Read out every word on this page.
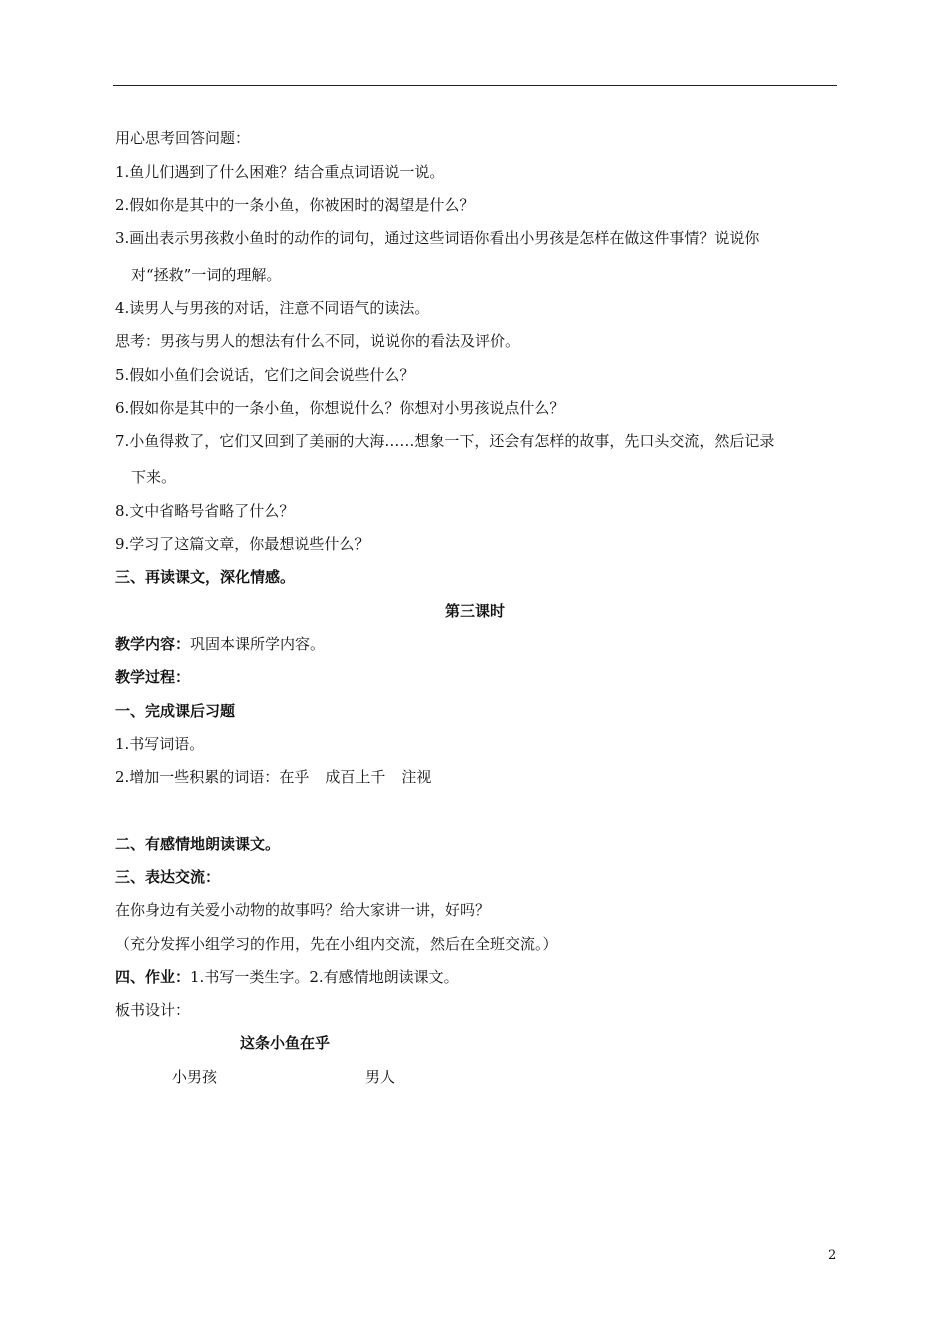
用心思考回答问题：
1.鱼儿们遇到了什么困难？结合重点词语说一说。
2.假如你是其中的一条小鱼，你被困时的渴望是什么？
3.画出表示男孩救小鱼时的动作的词句，通过这些词语你看出小男孩是怎样在做这件事情？说说你
对“拯救”一词的理解。
4.读男人与男孩的对话，注意不同语气的读法。
思考：男孩与男人的想法有什么不同，说说你的看法及评价。
5.假如小鱼们会说话，它们之间会说些什么？
6.假如你是其中的一条小鱼，你想说什么？你想对小男孩说点什么？
7.小鱼得救了，它们又回到了美丽的大海……想象一下，还会有怎样的故事，先口头交流，然后记录
下来。
8.文中省略号省略了什么？
9.学习了这篇文章，你最想说些什么？
三、再读课文，深化情感。
第三课时
教学内容：巩固本课所学内容。
教学过程：
一、完成课后习题
1.书写词语。
2.增加一些积累的词语：在乎 成百上千 注视
二、有感情地朗读课文。
三、表达交流：
在你身边有关爱小动物的故事吗？给大家讲一讲，好吗？
（充分发挥小组学习的作用，先在小组内交流，然后在全班交流。）
四、作业：1.书写一类生字。2.有感情地朗读课文。
板书设计：
这条小鱼在乎
小男孩	男人
2
